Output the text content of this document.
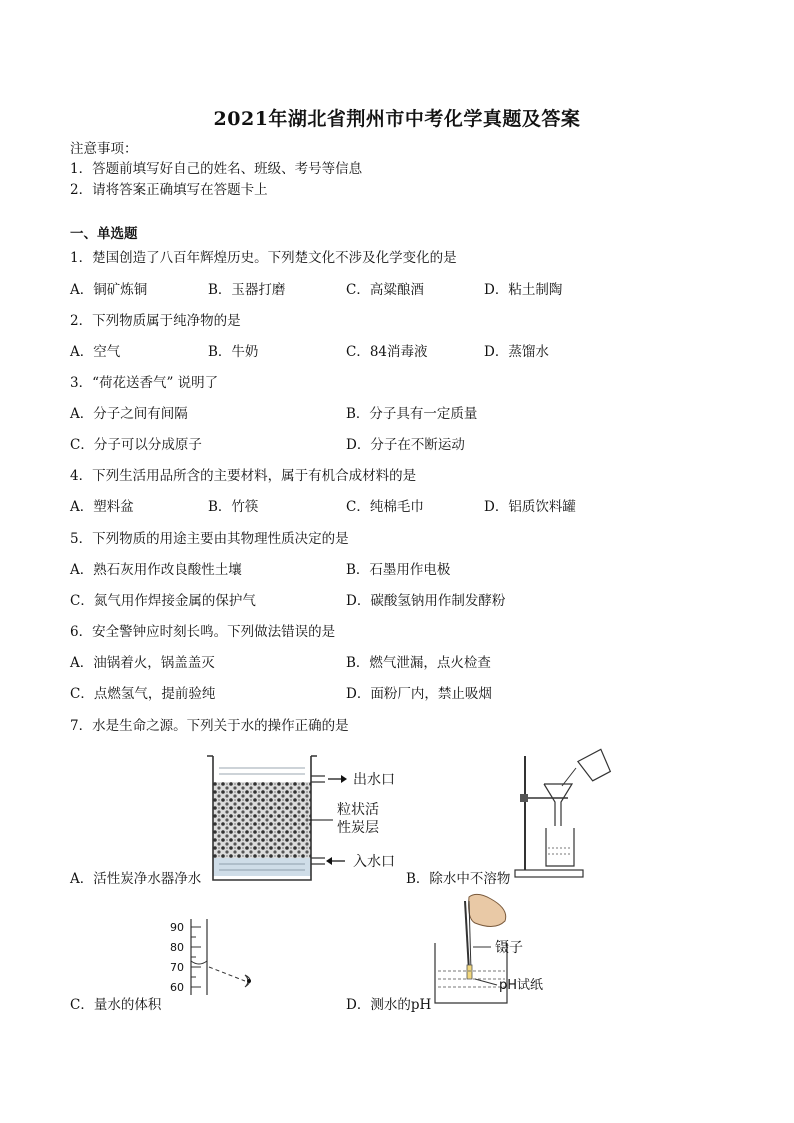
2021年湖北省荆州市中考化学真题及答案
注意事项：
1．答题前填写好自己的姓名、班级、考号等信息
2．请将答案正确填写在答题卡上
一、单选题
1．楚国创造了八百年辉煌历史。下列楚文化不涉及化学变化的是
A．铜矿炼铜	B．玉器打磨	C．高粱酿酒	D．粘土制陶
2．下列物质属于纯净物的是
A．空气	B．牛奶	C．84消毒液	D．蒸馏水
3．“荷花送香气” 说明了
A．分子之间有间隔	B．分子具有一定质量
C．分子可以分成原子	D．分子在不断运动
4．下列生活用品所含的主要材料，属于有机合成材料的是
A．塑料盆	B．竹筷	C．纯棉毛巾	D．铝质饮料罐
5．下列物质的用途主要由其物理性质决定的是
A．熟石灰用作改良酸性土壤	B．石墨用作电极
C．氮气用作焊接金属的保护气	D．碳酸氢钠用作制发酵粉
6．安全警钟应时刻长鸣。下列做法错误的是
A．油锅着火，锅盖盖灭	B．燃气泄漏，点火检查
C．点燃氢气，提前验纯	D．面粉厂内，禁止吸烟
7．水是生命之源。下列关于水的操作正确的是
A．活性炭净水器净水	B．除水中不溶物
C．量水的体积	D．测水的pH
出水口
粒状活
性炭层
入水口
90
80
70
60
镊子
pH试纸
